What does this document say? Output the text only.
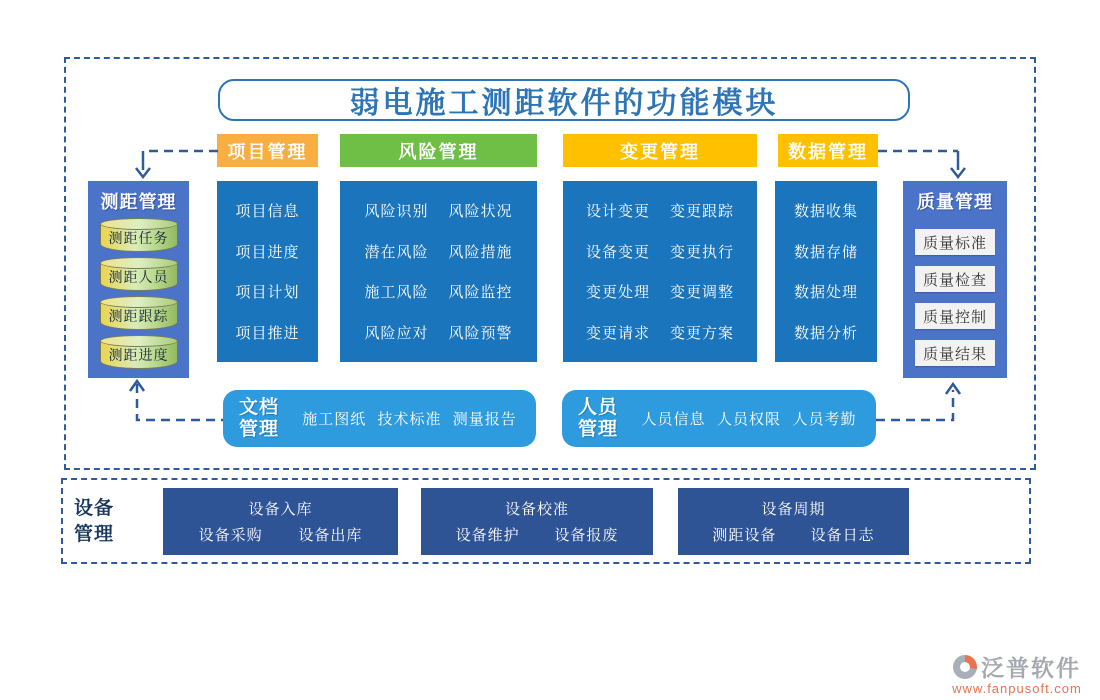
弱电施工测距软件的功能模块
项目管理	风险管理	变更管理	数据管理
测距管理
测距任务
测距人员
测距跟踪
测距进度
质量管理
质量标准
质量检查
质量控制
质量结果
项目信息
项目进度
项目计划
项目推进
风险识别 风险状况
潜在风险 风险措施
施工风险 风险监控
风险应对 风险预警
设计变更 变更跟踪
设备变更 变更执行
变更处理 变更调整
变更请求 变更方案
数据收集
数据存储
数据处理
数据分析
文档
管理 施工图纸 技术标准 测量报告
人员
管理 人员信息 人员权限 人员考勤
设备
管理
设备入库
设备采购 设备出库
设备校准
设备维护 设备报废
设备周期
测距设备 设备日志
泛普软件
www.fanpusoft.com
